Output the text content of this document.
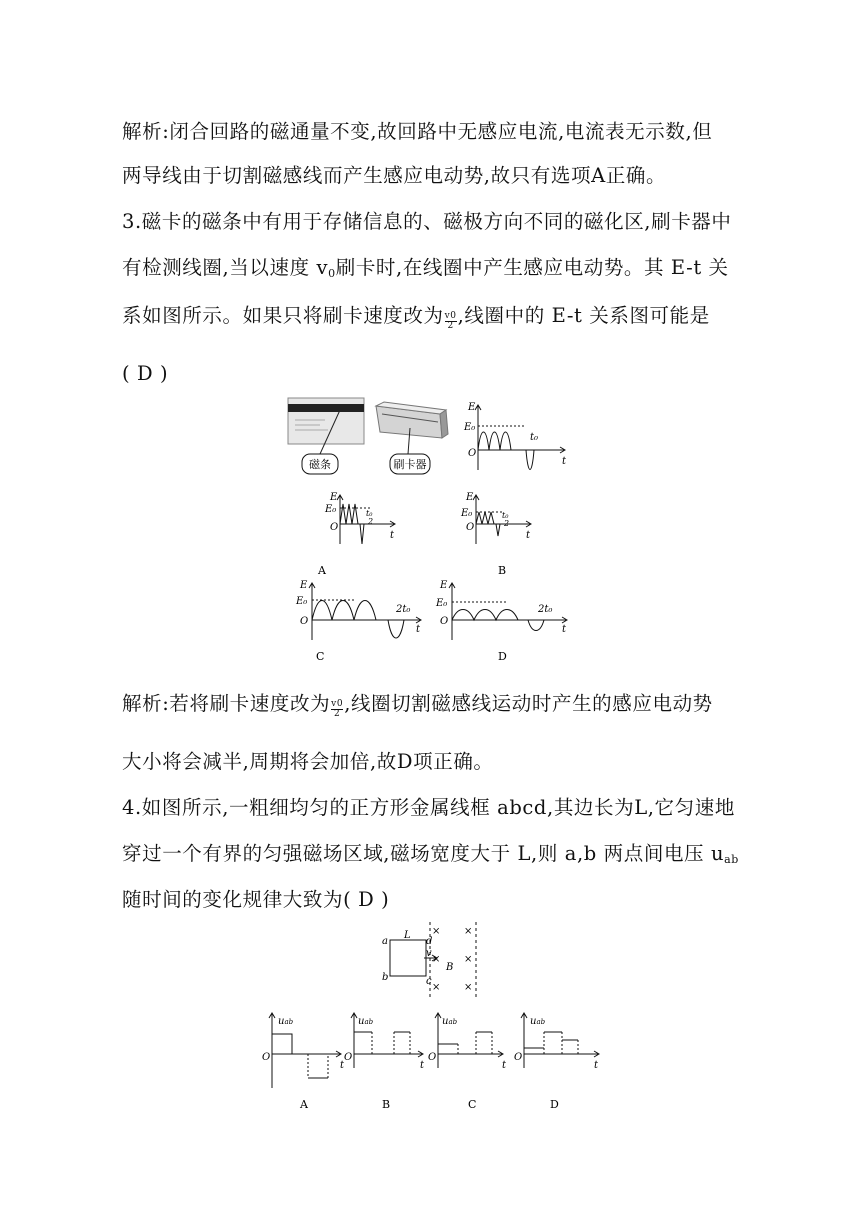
解析:闭合回路的磁通量不变,故回路中无感应电流,电流表无示数,但
两导线由于切割磁感线而产生感应电动势,故只有选项A正确。
3.磁卡的磁条中有用于存储信息的、磁极方向不同的磁化区,刷卡器中
有检测线圈,当以速度 $v_0$刷卡时,在线圈中产生感应电动势。其 E-t 关
系如图所示。如果只将刷卡速度改为 $\frac{v0}{2}$ ,线圈中的 E-t 关系图可能是
( D )
磁条	刷卡器
E
E₀
O
t₀
t
E
E₀
O
t₀
2
t
A
E
E₀
O
t₀
2
t
B
E
E₀
O
2t₀
t
C
E
E₀
O
2t₀
t
D
解析:若将刷卡速度改为 $\frac{v0}{2}$ ,线圈切割磁感线运动时产生的感应电动势
大小将会减半,周期将会加倍,故D项正确。
4.如图所示,一粗细均匀的正方形金属线框 abcd,其边长为L,它匀速地
穿过一个有界的匀强磁场区域,磁场宽度大于 L,则 a,b 两点间电压 $u_{ab}$
随时间的变化规律大致为( D )
a
b	c
d
L
v
B
× ×
× ×
× ×
uab
O
t
A
uab
O
t
B
uab
O
t
C
uab
O
t
D
